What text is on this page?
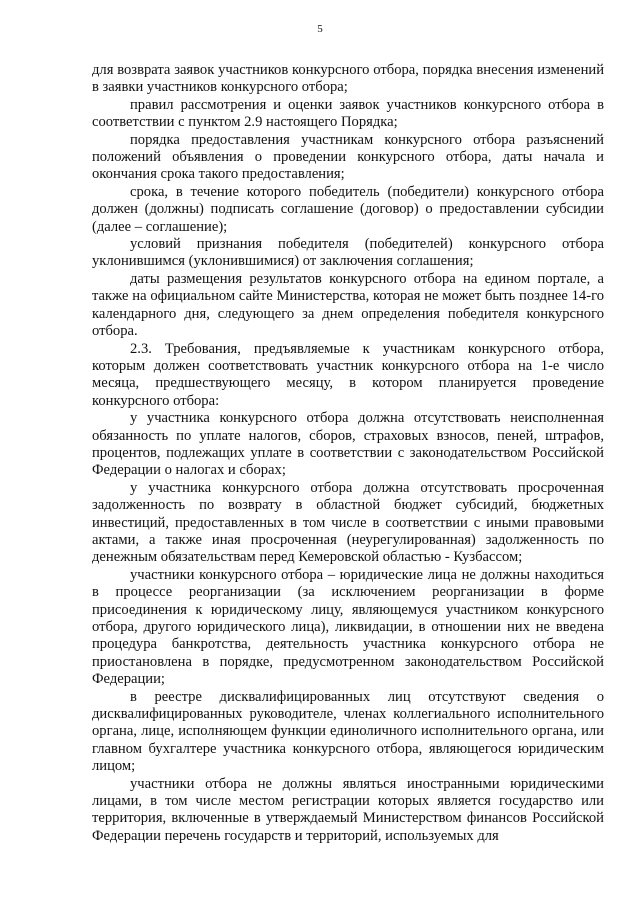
5

для возврата заявок участников конкурсного отбора, порядка внесения изменений в заявки участников конкурсного отбора;

правил рассмотрения и оценки заявок участников конкурсного отбора в соответствии с пунктом 2.9 настоящего Порядка;

порядка предоставления участникам конкурсного отбора разъяснений положений объявления о проведении конкурсного отбора, даты начала и окончания срока такого предоставления;

срока, в течение которого победитель (победители) конкурсного отбора должен (должны) подписать соглашение (договор) о предоставлении субсидии (далее – соглашение);

условий признания победителя (победителей) конкурсного отбора уклонившимся (уклонившимися) от заключения соглашения;

даты размещения результатов конкурсного отбора на едином портале, а также на официальном сайте Министерства, которая не может быть позднее 14-го календарного дня, следующего за днем определения победителя конкурсного отбора.

2.3. Требования, предъявляемые к участникам конкурсного отбора, которым должен соответствовать участник конкурсного отбора на 1-е число месяца, предшествующего месяцу, в котором планируется проведение конкурсного отбора:

у участника конкурсного отбора должна отсутствовать неисполненная обязанность по уплате налогов, сборов, страховых взносов, пеней, штрафов, процентов, подлежащих уплате в соответствии с законодательством Российской Федерации о налогах и сборах;

у участника конкурсного отбора должна отсутствовать просроченная задолженность по возврату в областной бюджет субсидий, бюджетных инвестиций, предоставленных в том числе в соответствии с иными правовыми актами, а также иная просроченная (неурегулированная) задолженность по денежным обязательствам перед Кемеровской областью - Кузбассом;

участники конкурсного отбора – юридические лица не должны находиться в процессе реорганизации (за исключением реорганизации в форме присоединения к юридическому лицу, являющемуся участником конкурсного отбора, другого юридического лица), ликвидации, в отношении них не введена процедура банкротства, деятельность участника конкурсного отбора не приостановлена в порядке, предусмотренном законодательством Российской Федерации;

в реестре дисквалифицированных лиц отсутствуют сведения о дисквалифицированных руководителе, членах коллегиального исполнительного органа, лице, исполняющем функции единоличного исполнительного органа, или главном бухгалтере участника конкурсного отбора, являющегося юридическим лицом;

участники отбора не должны являться иностранными юридическими лицами, в том числе местом регистрации которых является государство или территория, включенные в утверждаемый Министерством финансов Российской Федерации перечень государств и территорий, используемых для
